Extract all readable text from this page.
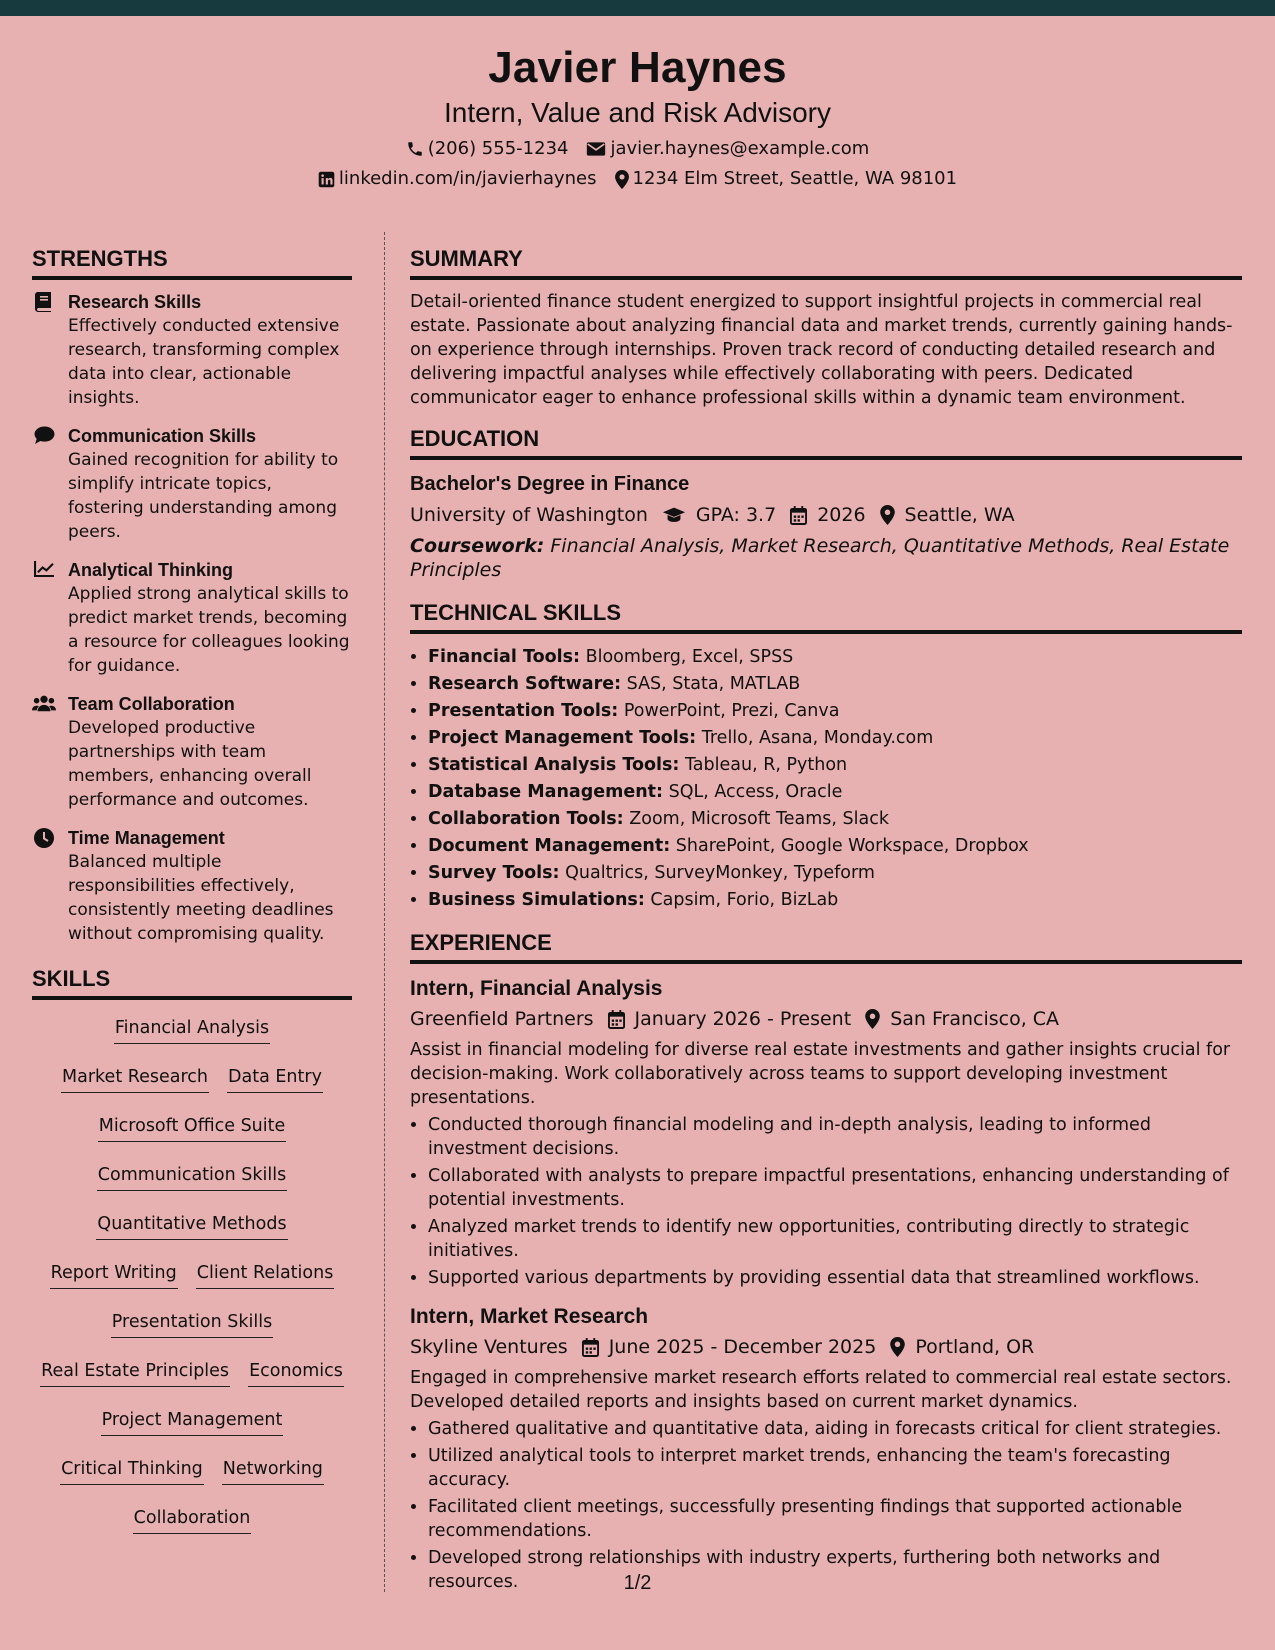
Javier Haynes
Intern, Value and Risk Advisory
(206) 555-1234 javier.haynes@example.com
linkedin.com/in/javierhaynes 1234 Elm Street, Seattle, WA 98101
STRENGTHS
Research Skills
Effectively conducted extensive research, transforming complex data into clear, actionable insights.
Communication Skills
Gained recognition for ability to simplify intricate topics, fostering understanding among peers.
Analytical Thinking
Applied strong analytical skills to predict market trends, becoming a resource for colleagues looking for guidance.
Team Collaboration
Developed productive partnerships with team members, enhancing overall performance and outcomes.
Time Management
Balanced multiple responsibilities effectively, consistently meeting deadlines without compromising quality.
SKILLS
Financial Analysis
Market Research Data Entry
Microsoft Office Suite
Communication Skills
Quantitative Methods
Report Writing Client Relations
Presentation Skills
Real Estate Principles Economics
Project Management
Critical Thinking Networking
Collaboration
SUMMARY

Detail-oriented finance student energized to support insightful projects in commercial real estate. Passionate about analyzing financial data and market trends, currently gaining hands-on experience through internships. Proven track record of conducting detailed research and delivering impactful analyses while effectively collaborating with peers. Dedicated communicator eager to enhance professional skills within a dynamic team environment.

EDUCATION
Bachelor's Degree in Finance
University of Washington	GPA: 3.7 2026 Seattle, WA
Coursework: Financial Analysis, Market Research, Quantitative Methods, Real Estate Principles
TECHNICAL SKILLS
• Financial Tools: Bloomberg, Excel, SPSS
• Research Software: SAS, Stata, MATLAB
• Presentation Tools: PowerPoint, Prezi, Canva
• Project Management Tools: Trello, Asana, Monday.com
• Statistical Analysis Tools: Tableau, R, Python
• Database Management: SQL, Access, Oracle
• Collaboration Tools: Zoom, Microsoft Teams, Slack
• Document Management: SharePoint, Google Workspace, Dropbox
• Survey Tools: Qualtrics, SurveyMonkey, Typeform
• Business Simulations: Capsim, Forio, BizLab
EXPERIENCE
Intern, Financial Analysis
Greenfield Partners January 2026 - Present San Francisco, CA
Assist in financial modeling for diverse real estate investments and gather insights crucial for decision-making. Work collaboratively across teams to support developing investment presentations.
• Conducted thorough financial modeling and in-depth analysis, leading to informed investment decisions.
• Collaborated with analysts to prepare impactful presentations, enhancing understanding of potential investments.
• Analyzed market trends to identify new opportunities, contributing directly to strategic initiatives.
• Supported various departments by providing essential data that streamlined workflows.
Intern, Market Research
Skyline Ventures June 2025 - December 2025 Portland, OR
Engaged in comprehensive market research efforts related to commercial real estate sectors. Developed detailed reports and insights based on current market dynamics.
• Gathered qualitative and quantitative data, aiding in forecasts critical for client strategies.
• Utilized analytical tools to interpret market trends, enhancing the team's forecasting accuracy.
• Facilitated client meetings, successfully presenting findings that supported actionable recommendations.
• Developed strong relationships with industry experts, furthering both networks and resources.	1/2
